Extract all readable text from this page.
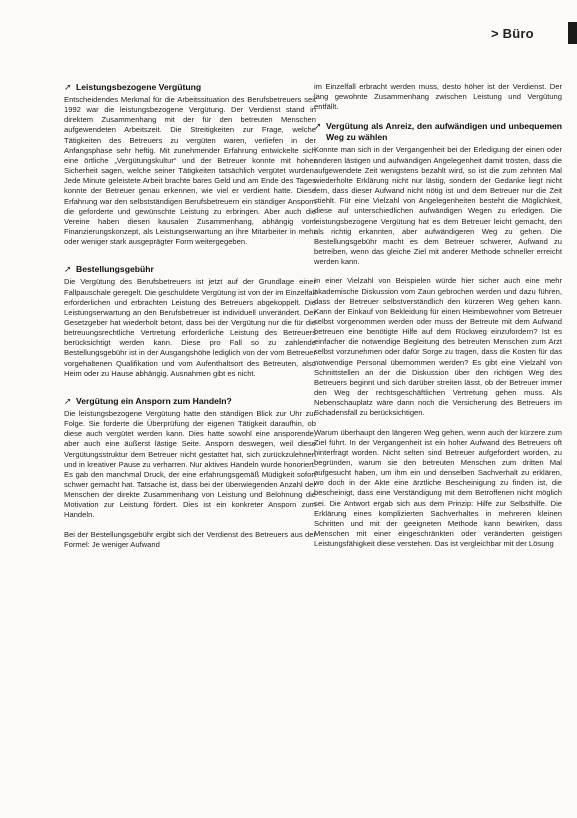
> Büro
➚ Leistungsbezogene Vergütung

Entscheidendes Merkmal für die Arbeitssituation des Berufsbetreuers seit 1992 war die leistungsbezogene Vergütung. Der Verdienst stand in direktem Zusammenhang mit der für den betreuten Menschen aufgewendeten Arbeitszeit. Die Streitigkeiten zur Frage, welche Tätigkeiten des Betreuers zu vergüten waren, verliefen in der Anfangsphase sehr heftig. Mit zunehmender Erfahrung entwickelte sich eine örtliche „Vergütungskultur“ und der Betreuer konnte mit hoher Sicherheit sagen, welche seiner Tätigkeiten tatsächlich vergütet wurden. Jede Minute geleistete Arbeit brachte bares Geld und am Ende des Tages konnte der Betreuer genau erkennen, wie viel er verdient hatte. Diese Erfahrung war den selbstständigen Berufsbetreuern ein ständiger Ansporn die geforderte und gewünschte Leistung zu erbringen. Aber auch die Vereine haben diesen kausalen Zusammenhang, abhängig vom Finanzierungskonzept, als Leistungserwartung an ihre Mitarbeiter in mehr oder weniger stark ausgeprägter Form weitergegeben.

➚ Bestellungsgebühr

Die Vergütung des Berufsbetreuers ist jetzt auf der Grundlage einer Fallpauschale geregelt. Die geschuldete Vergütung ist von der im Einzelfall erforderlichen und erbrachten Leistung des Betreuers abgekoppelt. Die Leistungserwartung an den Berufsbetreuer ist individuell unverändert. Der Gesetzgeber hat wiederholt betont, dass bei der Vergütung nur die für die betreuungsrechtliche Vertretung erforderliche Leistung des Betreuers berücksichtigt werden kann. Diese pro Fall so zu zahlende Bestellungsgebühr ist in der Ausgangshöhe lediglich von der vom Betreuer vorgehaltenen Qualifikation und vom Aufenthaltsort des Betreuten, also Heim oder zu Hause abhängig. Ausnahmen gibt es nicht.

➚ Vergütung ein Ansporn zum Handeln?

Die leistungsbezogene Vergütung hatte den ständigen Blick zur Uhr zur Folge. Sie forderte die Überprüfung der eigenen Tätigkeit daraufhin, ob diese auch vergütet werden kann. Dies hatte sowohl eine ansporende, aber auch eine äußerst lästige Seite. Ansporn deswegen, weil diese Vergütungsstruktur dem Betreuer nicht gestattet hat, sich zurückzulehnen und in kreativer Pause zu verharren. Nur aktives Handeln wurde honoriert. Es gab den manchmal Druck, der eine erfahrungsgemäß Müdigkeit sofort schwer gemacht hat. Tatsache ist, dass bei der überwiegenden Anzahl der Menschen der direkte Zusammenhang von Leistung und Belohnung die Motivation zur Leistung fördert. Dies ist ein konkreter Ansporn zum Handeln.

Bei der Bestellungsgebühr ergibt sich der Verdienst des Betreuers aus der Formel: Je weniger Aufwand

im Einzelfall erbracht werden muss, desto höher ist der Verdienst. Der lang gewohnte Zusammenhang zwischen Leistung und Vergütung entfällt.

➚ Vergütung als Anreiz, den aufwändigen und unbequemen Weg zu wählen

Konnte man sich in der Vergangenheit bei der Erledigung der einen oder anderen lästigen und aufwändigen Angelegenheit damit trösten, dass die aufgewendete Zeit wenigstens bezahlt wird, so ist die zum zehnten Mal wiederholte Erklärung nicht nur lästig, sondern der Gedanke liegt nicht fern, dass dieser Aufwand nicht nötig ist und dem Betreuer nur die Zeit stiehlt. Für eine Vielzahl von Angelegenheiten besteht die Möglichkeit, diese auf unterschiedlichen aufwändigen Wegen zu erledigen. Die leistungsbezogene Vergütung hat es dem Betreuer leicht gemacht, den als richtig erkannten, aber aufwändigeren Weg zu gehen. Die Bestellungsgebühr macht es dem Betreuer schwerer, Aufwand zu betreiben, wenn das gleiche Ziel mit anderer Methode schneller erreicht werden kann.

In einer Vielzahl von Beispielen würde hier sicher auch eine mehr akademische Diskussion vom Zaun gebrochen werden und dazu führen, dass der Betreuer selbstverständlich den kürzeren Weg gehen kann. Kann der Einkauf von Bekleidung für einen Heimbewohner vom Betreuer selbst vorgenommen werden oder muss der Betreute mit dem Aufwand betreuen eine benötigte Hilfe auf dem Rückweg einzufordern? Ist es einfacher die notwendige Begleitung des betreuten Menschen zum Arzt selbst vorzunehmen oder dafür Sorge zu tragen, dass die Kosten für das notwendige Personal übernommen werden? Es gibt eine Vielzahl von Schnittstellen an der die Diskussion über den richtigen Weg des Betreuers beginnt und sich darüber streiten lässt, ob der Betreuer immer den Weg der rechtsgeschäftlichen Vertretung gehen muss. Als Nebenschauplatz wäre dann noch die Versicherung des Betreuers im Schadensfall zu berücksichtigen.

Warum überhaupt den längeren Weg gehen, wenn auch der kürzere zum Ziel führt. In der Vergangenheit ist ein hoher Aufwand des Betreuers oft hinterfragt worden. Nicht selten sind Betreuer aufgefordert worden, zu begründen, warum sie den betreuten Menschen zum dritten Mal aufgesucht haben, um ihm ein und denselben Sachverhalt zu erklären, wo doch in der Akte eine ärztliche Bescheinigung zu finden ist, die bescheinigt, dass eine Verständigung mit dem Betroffenen nicht möglich sei. Die Antwort ergab sich aus dem Prinzip: Hilfe zur Selbsthilfe. Die Erklärung eines komplizierten Sachverhaltes in mehreren kleinen Schritten und mit der geeigneten Methode kann bewirken, dass Menschen mit einer eingeschränkten oder veränderten geistigen Leistungsfähigkeit diese verstehen. Das ist vergleichbar mit der Lösung
